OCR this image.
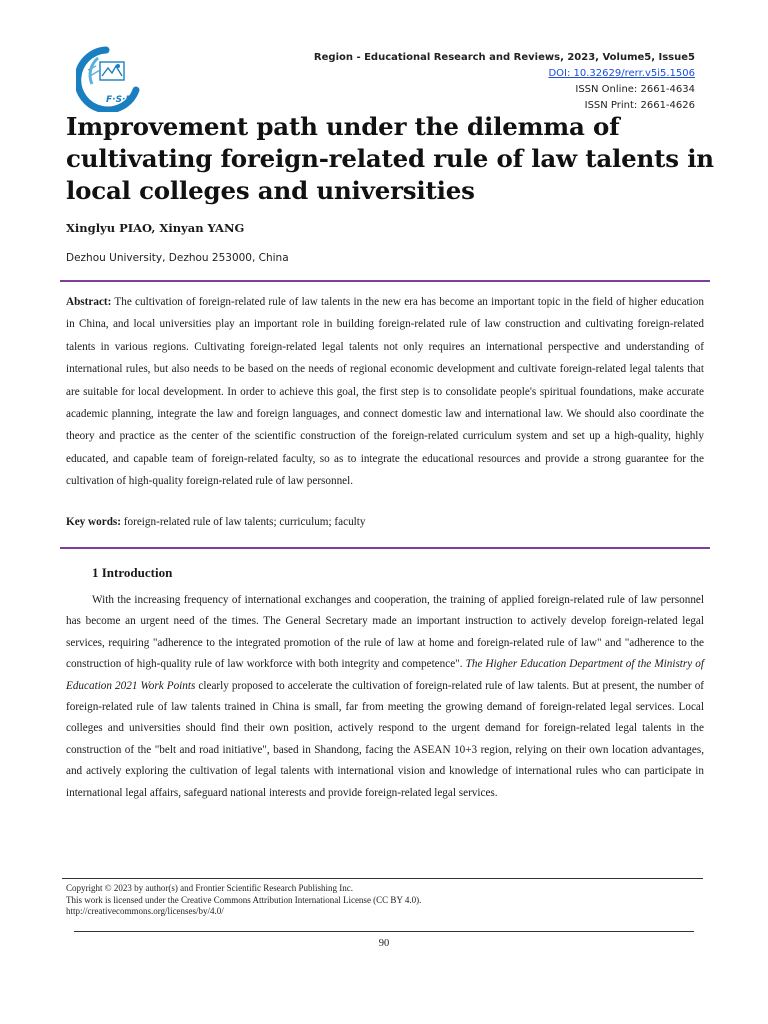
F·S·P
Region - Educational Research and Reviews, 2023, Volume5, Issue5
DOI: 10.32629/rerr.v5i5.1506
ISSN Online: 2661-4634
ISSN Print: 2661-4626
Improvement path under the dilemma of cultivating foreign-related rule of law talents in local colleges and universities
Xinglyu PIAO, Xinyan YANG
Dezhou University, Dezhou 253000, China

Abstract: The cultivation of foreign-related rule of law talents in the new era has become an important topic in the field of higher education in China, and local universities play an important role in building foreign-related rule of law construction and cultivating foreign-related talents in various regions. Cultivating foreign-related legal talents not only requires an international perspective and understanding of international rules, but also needs to be based on the needs of regional economic development and cultivate foreign-related legal talents that are suitable for local development. In order to achieve this goal, the first step is to consolidate people's spiritual foundations, make accurate academic planning, integrate the law and foreign languages, and connect domestic law and international law. We should also coordinate the theory and practice as the center of the scientific construction of the foreign-related curriculum system and set up a high-quality, highly educated, and capable team of foreign-related faculty, so as to integrate the educational resources and provide a strong guarantee for the cultivation of high-quality foreign-related rule of law personnel.

Key words: foreign-related rule of law talents; curriculum; faculty

1 Introduction

With the increasing frequency of international exchanges and cooperation, the training of applied foreign-related rule of law personnel has become an urgent need of the times. The General Secretary made an important instruction to actively develop foreign-related legal services, requiring "adherence to the integrated promotion of the rule of law at home and foreign-related rule of law" and "adherence to the construction of high-quality rule of law workforce with both integrity and competence". The Higher Education Department of the Ministry of Education 2021 Work Points clearly proposed to accelerate the cultivation of foreign-related rule of law talents. But at present, the number of foreign-related rule of law talents trained in China is small, far from meeting the growing demand of foreign-related legal services. Local colleges and universities should find their own position, actively respond to the urgent demand for foreign-related legal talents in the construction of the "belt and road initiative", based in Shandong, facing the ASEAN 10+3 region, relying on their own location advantages, and actively exploring the cultivation of legal talents with international vision and knowledge of international rules who can participate in international legal affairs, safeguard national interests and provide foreign-related legal services.

Copyright © 2023 by author(s) and Frontier Scientific Research Publishing Inc.
This work is licensed under the Creative Commons Attribution International License (CC BY 4.0).
http://creativecommons.org/licenses/by/4.0/
90
